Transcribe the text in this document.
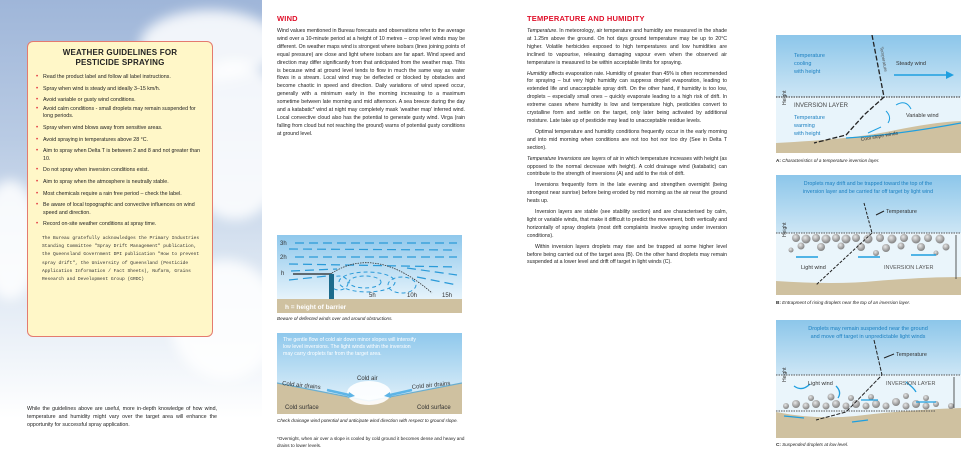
WEATHER GUIDELINES FOR
PESTICIDE SPRAYING
• Read the product label and follow all label instructions.
• Spray when wind is steady and ideally 3–15 km/h.
• Avoid variable or gusty wind conditions.
• Avoid calm conditions - small droplets may remain suspended for long periods.
• Spray when wind blows away from sensitive areas.
• Avoid spraying in temperatures above 28 °C.
• Aim to spray when Delta T is between 2 and 8 and not greater than 10.
• Do not spray when inversion conditions exist.
• Aim to spray when the atmosphere is neutrally stable.
• Most chemicals require a rain free period – check the label.
• Be aware of local topographic and convective influences on wind speed and direction.
• Record on-site weather conditions at spray time.
The Bureau gratefully acknowledges the Primary Industries Standing Committee "Spray Drift Management" publication, the Queensland Government DPI publication "How to prevent spray drift", the University of Queensland (Pesticide Application Information / Fact Sheets), Nufarm, Grains Research and Development Group (GRDC)
While the guidelines above are useful, more in-depth knowledge of how wind, temperature and humidity might vary over the target area will enhance the opportunity for successful spray application.
WIND
Wind values mentioned in Bureau forecasts and observations refer to the average wind over a 10-minute period at a height of 10 metres – crop level winds may be different. On weather maps wind is strongest where isobars (lines joining points of equal pressure) are close and light where isobars are far apart. Wind speed and direction may differ significantly from that anticipated from the weather map. This is because wind at ground level tends to flow in much the same way as water flows in a stream. Local wind may be deflected or blocked by obstacles and become chaotic in speed and direction. Daily variations of wind speed occur, generally with a minimum early in the morning increasing to a maximum sometime between late morning and mid afternoon. A sea breeze during the day and a katabatic* wind at night may completely mask ‘weather map’ inferred wind. Local convective cloud also has the potential to generate gusty wind. Virga (rain falling from cloud but not reaching the ground) warns of potential gusty conditions at ground level.
3h
2h
h
5h	10h	15h
h = height of barrier
Beware of deflected winds over and around obstructions.
The gentle flow of cold air down minor slopes will intensify low level inversions. The light winds within the inversion may carry droplets far from the target area.
Cold air
Cold air drains	Cold air drains
Cold surface	Cold surface
Check drainage wind potential and anticipate wind direction with respect to ground slope.
*Overnight, when air over a slope is cooled by cold ground it becomes dense and heavy and drains to lower levels.
TEMPERATURE AND HUMIDITY

Temperature. In meteorology, air temperature and humidity are measured in the shade at 1.25m above the ground. On hot days ground temperature may be up to 20°C higher. Volatile herbicides exposed to high temperatures and low humidities are inclined to vapourise, releasing damaging vapour even when the observed air temperature is measured to be within acceptable limits for spraying.

Humidity affects evaporation rate. Humidity of greater than 45% is often recommended for spraying – but very high humidity can suppress droplet evaporation, leading to extended life and unacceptable spray drift. On the other hand, if humidity is too low, droplets – especially small ones – quickly evaporate leading to a high risk of drift. In extreme cases where humidity is low and temperature high, pesticides convert to crystalline form and settle on the target, only later being activated by additional moisture. Late take up of pesticide may lead to unacceptable residue levels.

Optimal temperature and humidity conditions frequently occur in the early morning and into mid morning when conditions are not too hot nor too dry (See in Delta T section).

Temperature Inversions are layers of air in which temperature increases with height (as opposed to the normal decrease with height). A cold drainage wind (katabatic) can contribute to the strength of inversions (A) and add to the risk of drift.

Inversions frequently form in the late evening and strengthen overnight (being strongest near sunrise) before being eroded by mid morning as the air near the ground heats up.

Inversion layers are stable (see stability section) and are characterised by calm, light or variable winds, that make it difficult to predict the movement, both vertically and horizontally of spray droplets (most drift complaints involve spraying under inversion conditions).

Within inversion layers droplets may rise and be trapped at some higher level before being carried out of the target area (B). On the other hand droplets may remain suspended at a lower level and drift off target in light winds (C).

Temperature cooling with height	Temperature Steady wind
Height
INVERSION LAYER
Temperature warming with height
Variable wind
Cool slope winds
A: Characteristics of a temperature inversion layer.
Droplets may drift and be trapped toward the top of the inversion layer and be carried far off target by light wind
Temperature
Height
Light wind	INVERSION LAYER
B: Entrapment of rising droplets near the top of an inversion layer.
Droplets may remain suspended near the ground and move off target in unpredictable light winds
Temperature
Height
Light wind	INVERSION LAYER
C: Suspended droplets at low level.
